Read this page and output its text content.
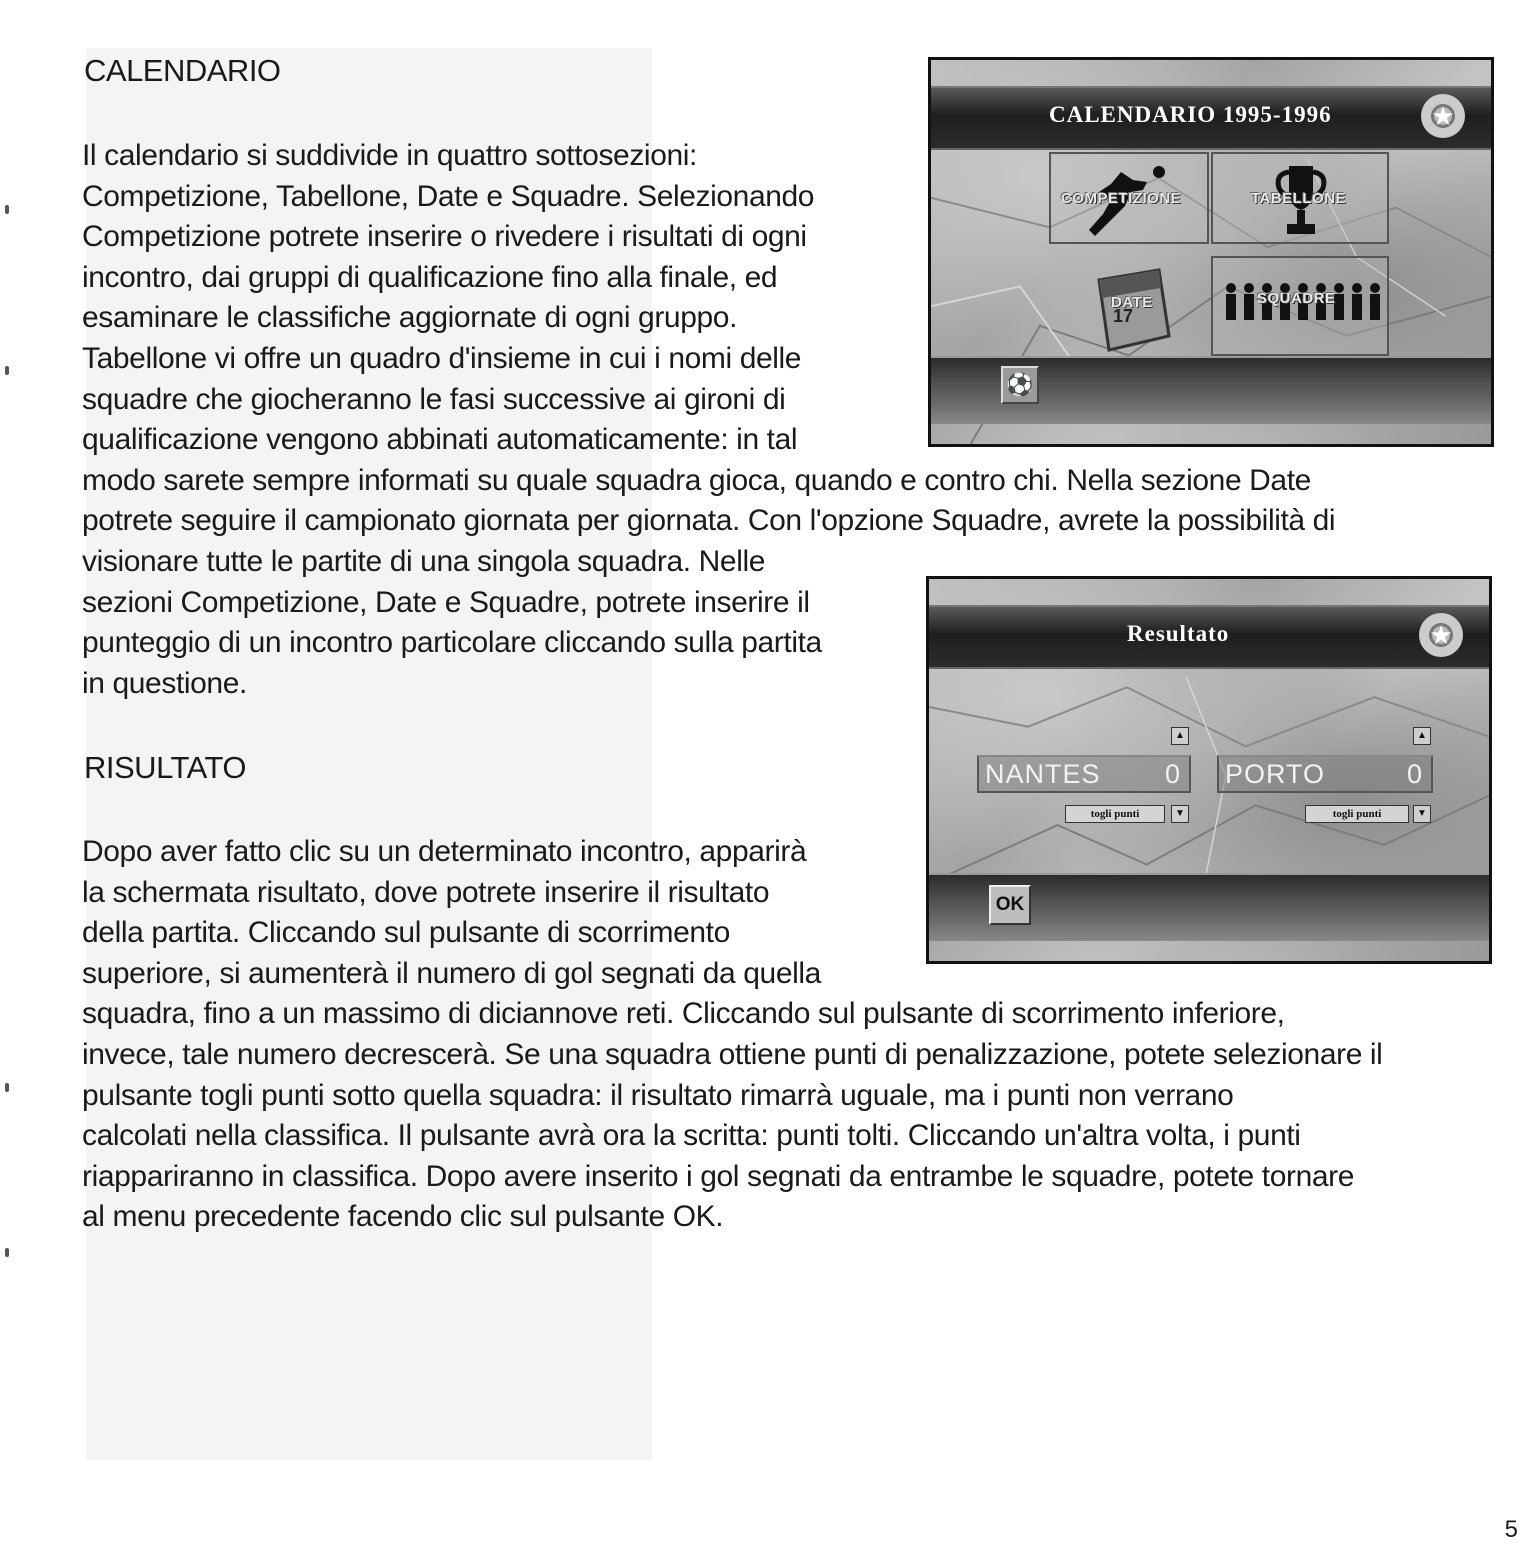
CALENDARIO

Il calendario si suddivide in quattro sottosezioni:
Competizione, Tabellone, Date e Squadre. Selezionando
Competizione potrete inserire o rivedere i risultati di ogni
incontro, dai gruppi di qualificazione fino alla finale, ed
esaminare le classifiche aggiornate di ogni gruppo.
Tabellone vi offre un quadro d'insieme in cui i nomi delle
squadre che giocheranno le fasi successive ai gironi di
qualificazione vengono abbinati automaticamente: in tal
modo sarete sempre informati su quale squadra gioca, quando e contro chi. Nella sezione Date
potrete seguire il campionato giornata per giornata. Con l'opzione Squadre, avrete la possibilità di
visionare tutte le partite di una singola squadra. Nelle
sezioni Competizione, Date e Squadre, potrete inserire il
punteggio di un incontro particolare cliccando sulla partita
in questione.

RISULTATO

Dopo aver fatto clic su un determinato incontro, apparirà
la schermata risultato, dove potrete inserire il risultato
della partita. Cliccando sul pulsante di scorrimento
superiore, si aumenterà il numero di gol segnati da quella
squadra, fino a un massimo di diciannove reti. Cliccando sul pulsante di scorrimento inferiore,
invece, tale numero decrescerà. Se una squadra ottiene punti di penalizzazione, potete selezionare il
pulsante togli punti sotto quella squadra: il risultato rimarrà uguale, ma i punti non verrano
calcolati nella classifica. Il pulsante avrà ora la scritta: punti tolti. Cliccando un'altra volta, i punti
riappariranno in classifica. Dopo avere inserito i gol segnati da entrambe le squadre, potete tornare
al menu precedente facendo clic sul pulsante OK.

CALENDARIO 1995-1996	★
COMPETIZIONE	TABELLONE
17
DATE	SQUADRE
⚽
Resultato	★
▲
NANTES 0
togli punti	▼
▲
PORTO	0
togli punti	▼
OK
5
